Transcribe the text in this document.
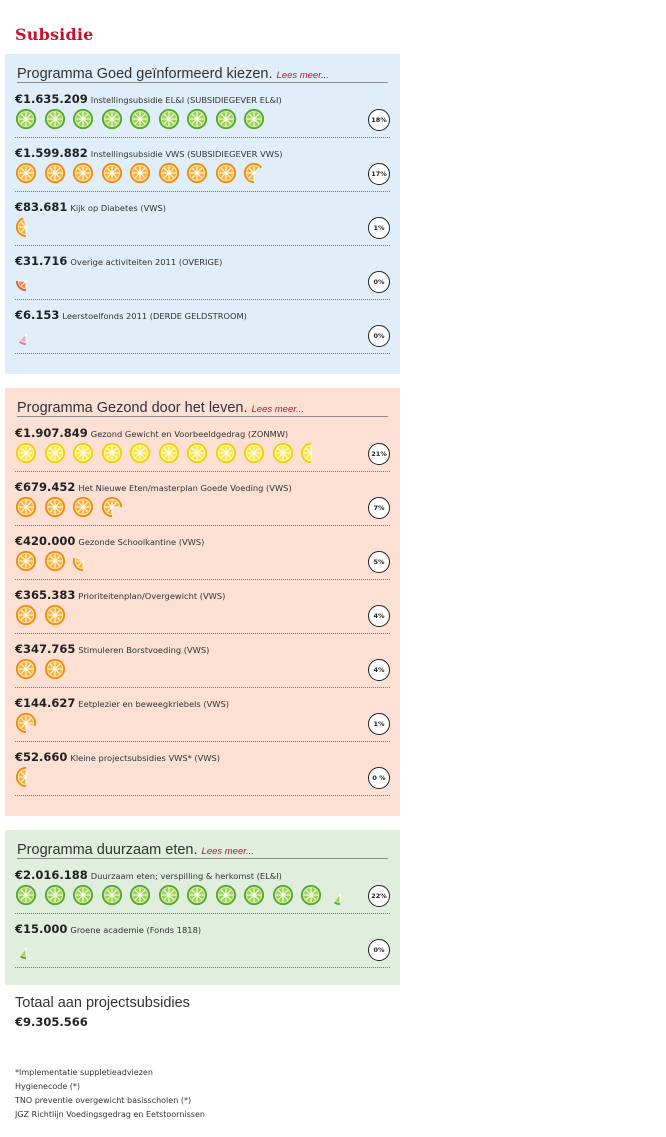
Subsidie
Programma Goed geïnformeerd kiezen. Lees meer...
€1.635.209 Instellingsubsidie EL&I (SUBSIDIEGEVER EL&I)
18%
€1.599.882 Instellingsubsidie VWS (SUBSIDIEGEVER VWS)
17%
€83.681 Kijk op Diabetes (VWS)
1%
€31.716 Overige activiteiten 2011 (OVERIGE)
0%
€6.153 Leerstoelfonds 2011 (DERDE GELDSTROOM)
0%
Programma Gezond door het leven. Lees meer...
€1.907.849 Gezond Gewicht en Voorbeeldgedrag (ZONMW)
21%
€679.452 Het Nieuwe Eten/masterplan Goede Voeding (VWS)
7%
€420.000 Gezonde Schoolkantine (VWS)
5%
€365.383 Prioriteitenplan/Overgewicht (VWS)
4%
€347.765 Stimuleren Borstvoeding (VWS)
4%
€144.627 Eetplezier en beweegkriebels (VWS)
1%
€52.660 Kleine projectsubsidies VWS* (VWS)
0 %
Programma duurzaam eten. Lees meer...
€2.016.188 Duurzaam eten; verspilling & herkomst (EL&I)
22%
€15.000 Groene academie (Fonds 1818)
0%
Totaal aan projectsubsidies
€9.305.566
*Implementatie suppletieadviezen
Hygienecode (*)
TNO preventie overgewicht basisscholen (*)
JGZ Richtlijn Voedingsgedrag en Eetstoornissen
